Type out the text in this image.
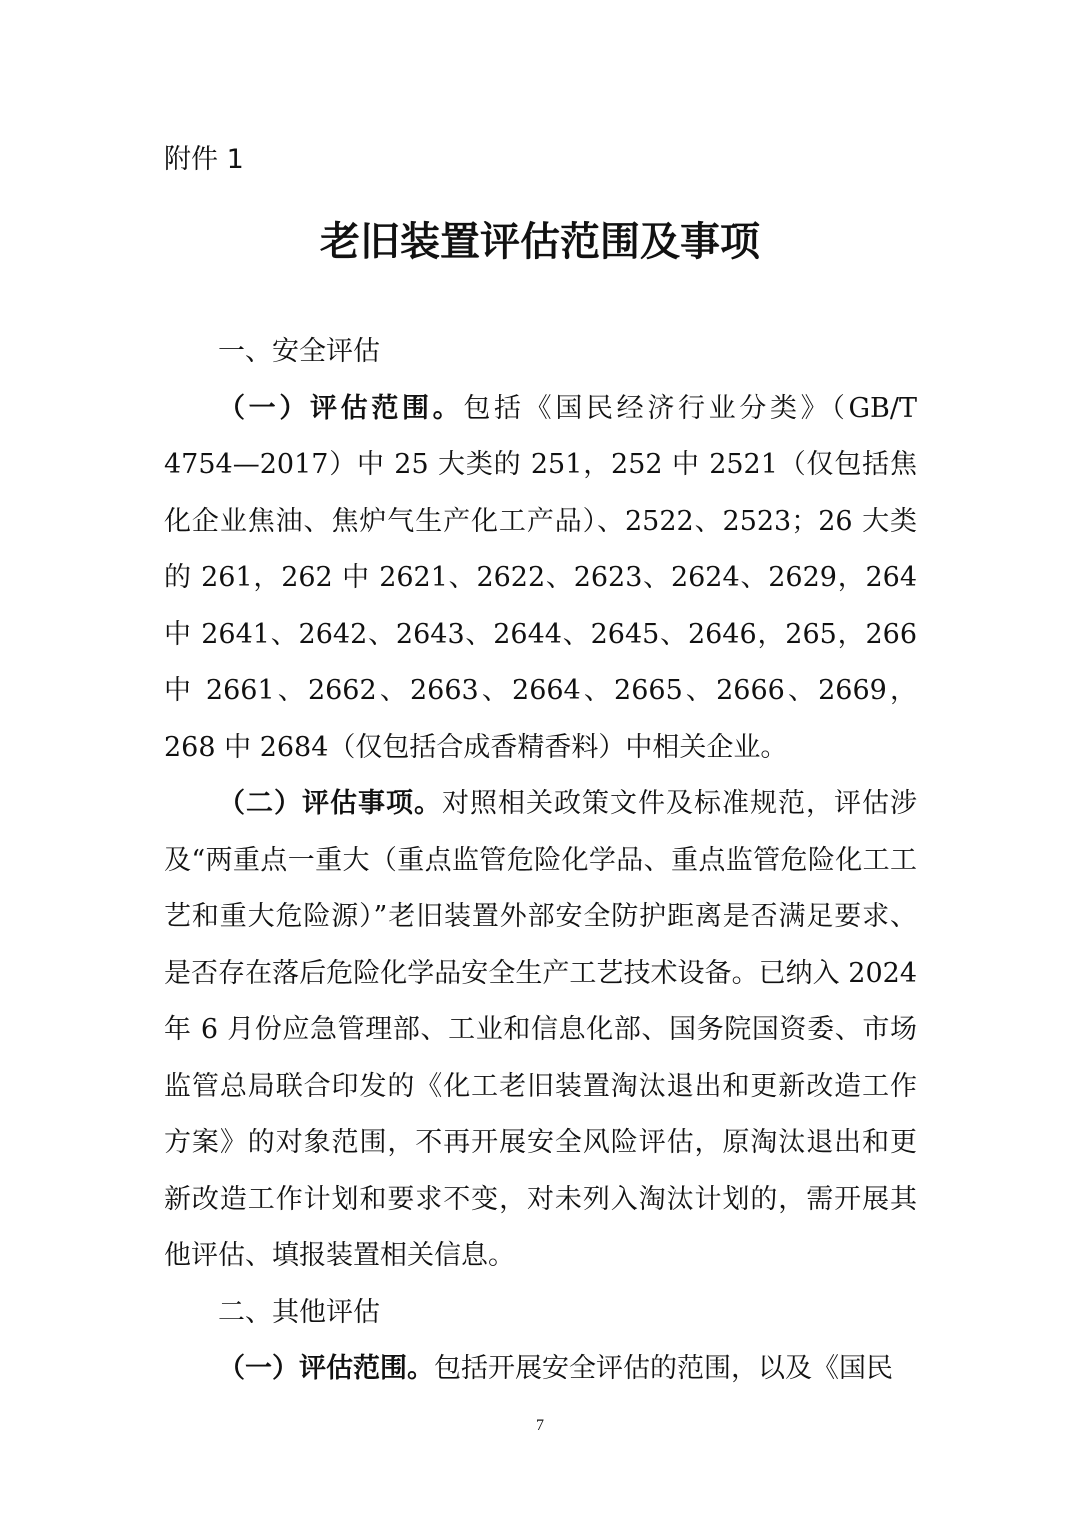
附件 1
老旧装置评估范围及事项

一、安全评估

（一）评估范围。包括《国民经济行业分类》（GB/T 4754—2017）中 25 大类的 251，252 中 2521（仅包括焦化企业焦油、焦炉气生产化工产品）、2522、2523；26 大类的 261，262 中 2621、2622、2623、2624、2629，264 中 2641、2642、2643、2644、2645、2646，265，266 中 2661、2662、2663、2664、2665、2666、2669，268 中 2684（仅包括合成香精香料）中相关企业。

（二）评估事项。对照相关政策文件及标准规范，评估涉及“两重点一重大（重点监管危险化学品、重点监管危险化工工艺和重大危险源）”老旧装置外部安全防护距离是否满足要求、是否存在落后危险化学品安全生产工艺技术设备。已纳入 2024 年 6 月份应急管理部、工业和信息化部、国务院国资委、市场监管总局联合印发的《化工老旧装置淘汰退出和更新改造工作方案》的对象范围，不再开展安全风险评估，原淘汰退出和更新改造工作计划和要求不变，对未列入淘汰计划的，需开展其他评估、填报装置相关信息。

二、其他评估

（一）评估范围。包括开展安全评估的范围，以及《国民

7
